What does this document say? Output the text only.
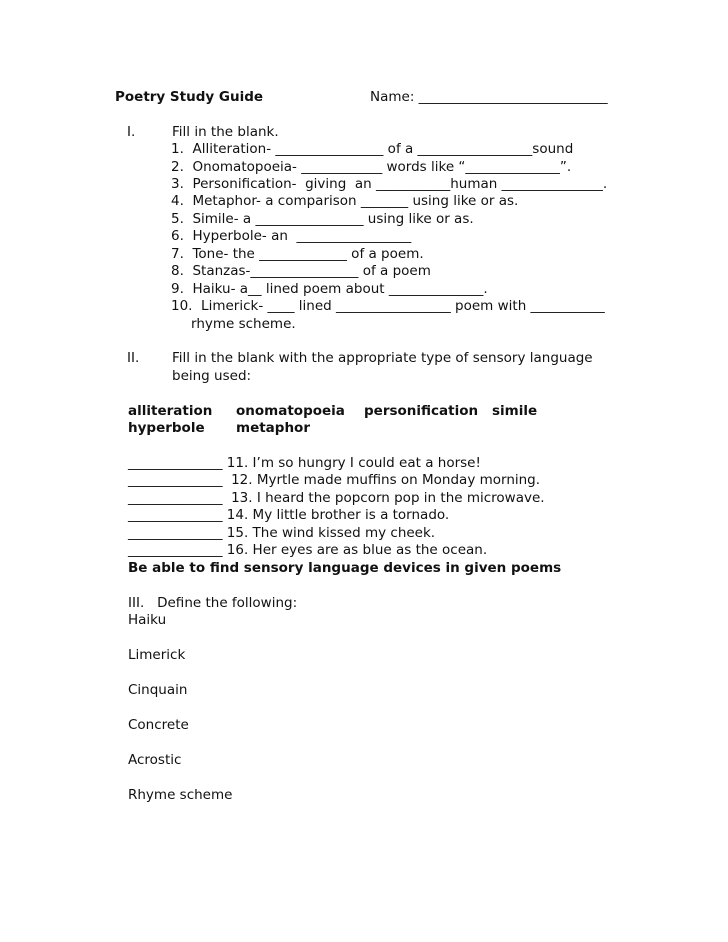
Poetry Study Guide	Name: ____________________________
I.	Fill in the blank.
1.  Alliteration- ________________ of a _________________sound
2.  Onomatopoeia- ____________ words like “______________”.
3.  Personification-  giving  an ___________human _______________.
4.  Metaphor- a comparison _______ using like or as.
5.  Simile- a ________________ using like or as.
6.  Hyperbole- an  _________________
7.  Tone- the _____________ of a poem.
8.  Stanzas-________________ of a poem
9.  Haiku- a__ lined poem about ______________.
10.  Limerick- ____ lined _________________ poem with ___________
rhyme scheme.
II. Fill in the blank with the appropriate type of sensory language
being used:
alliteration onomatopoeia personification simile
hyperbole metaphor
______________ 11. I’m so hungry I could eat a horse!
______________  12. Myrtle made muffins on Monday morning.
______________  13. I heard the popcorn pop in the microwave.
______________ 14. My little brother is a tornado.
______________ 15. The wind kissed my cheek.
______________ 16. Her eyes are as blue as the ocean.
Be able to find sensory language devices in given poems
III.   Define the following:
Haiku
Limerick
Cinquain
Concrete
Acrostic
Rhyme scheme
